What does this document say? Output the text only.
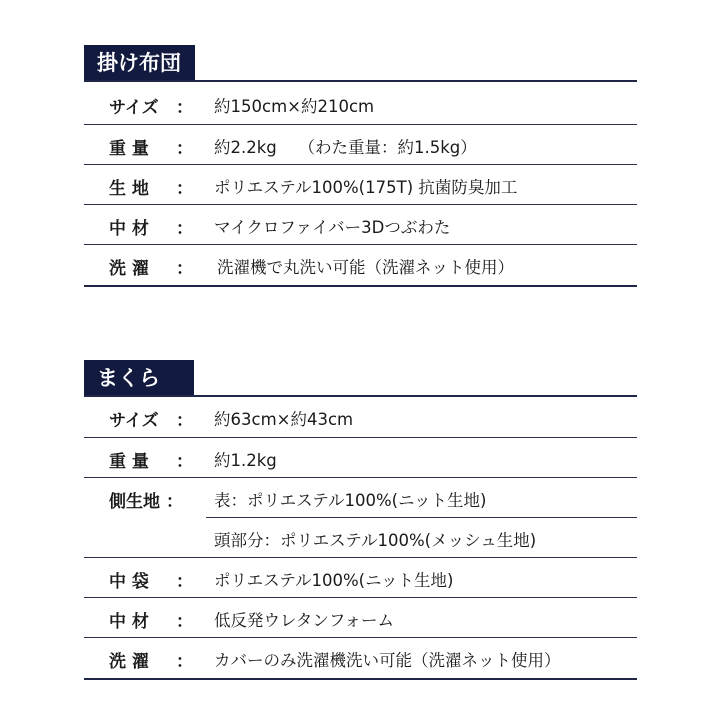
掛け布団
サイズ	： 約150cm×約210cm
重 量	： 約2.2kg　 （わた重量：約1.5kg）
生 地	： ポリエステル100%(175T) 抗菌防臭加工
中 材	： マイクロファイバー3Dつぶわた
洗 濯	： 洗濯機で丸洗い可能（洗濯ネット使用）
まくら
サイズ	： 約63cm×約43cm
重 量	： 約1.2kg
側生地 ： 表：ポリエステル100%(ニット生地)
頭部分：ポリエステル100%(メッシュ生地)
中 袋	： ポリエステル100%(ニット生地)
中 材	： 低反発ウレタンフォーム
洗 濯	： カバーのみ洗濯機洗い可能（洗濯ネット使用）
